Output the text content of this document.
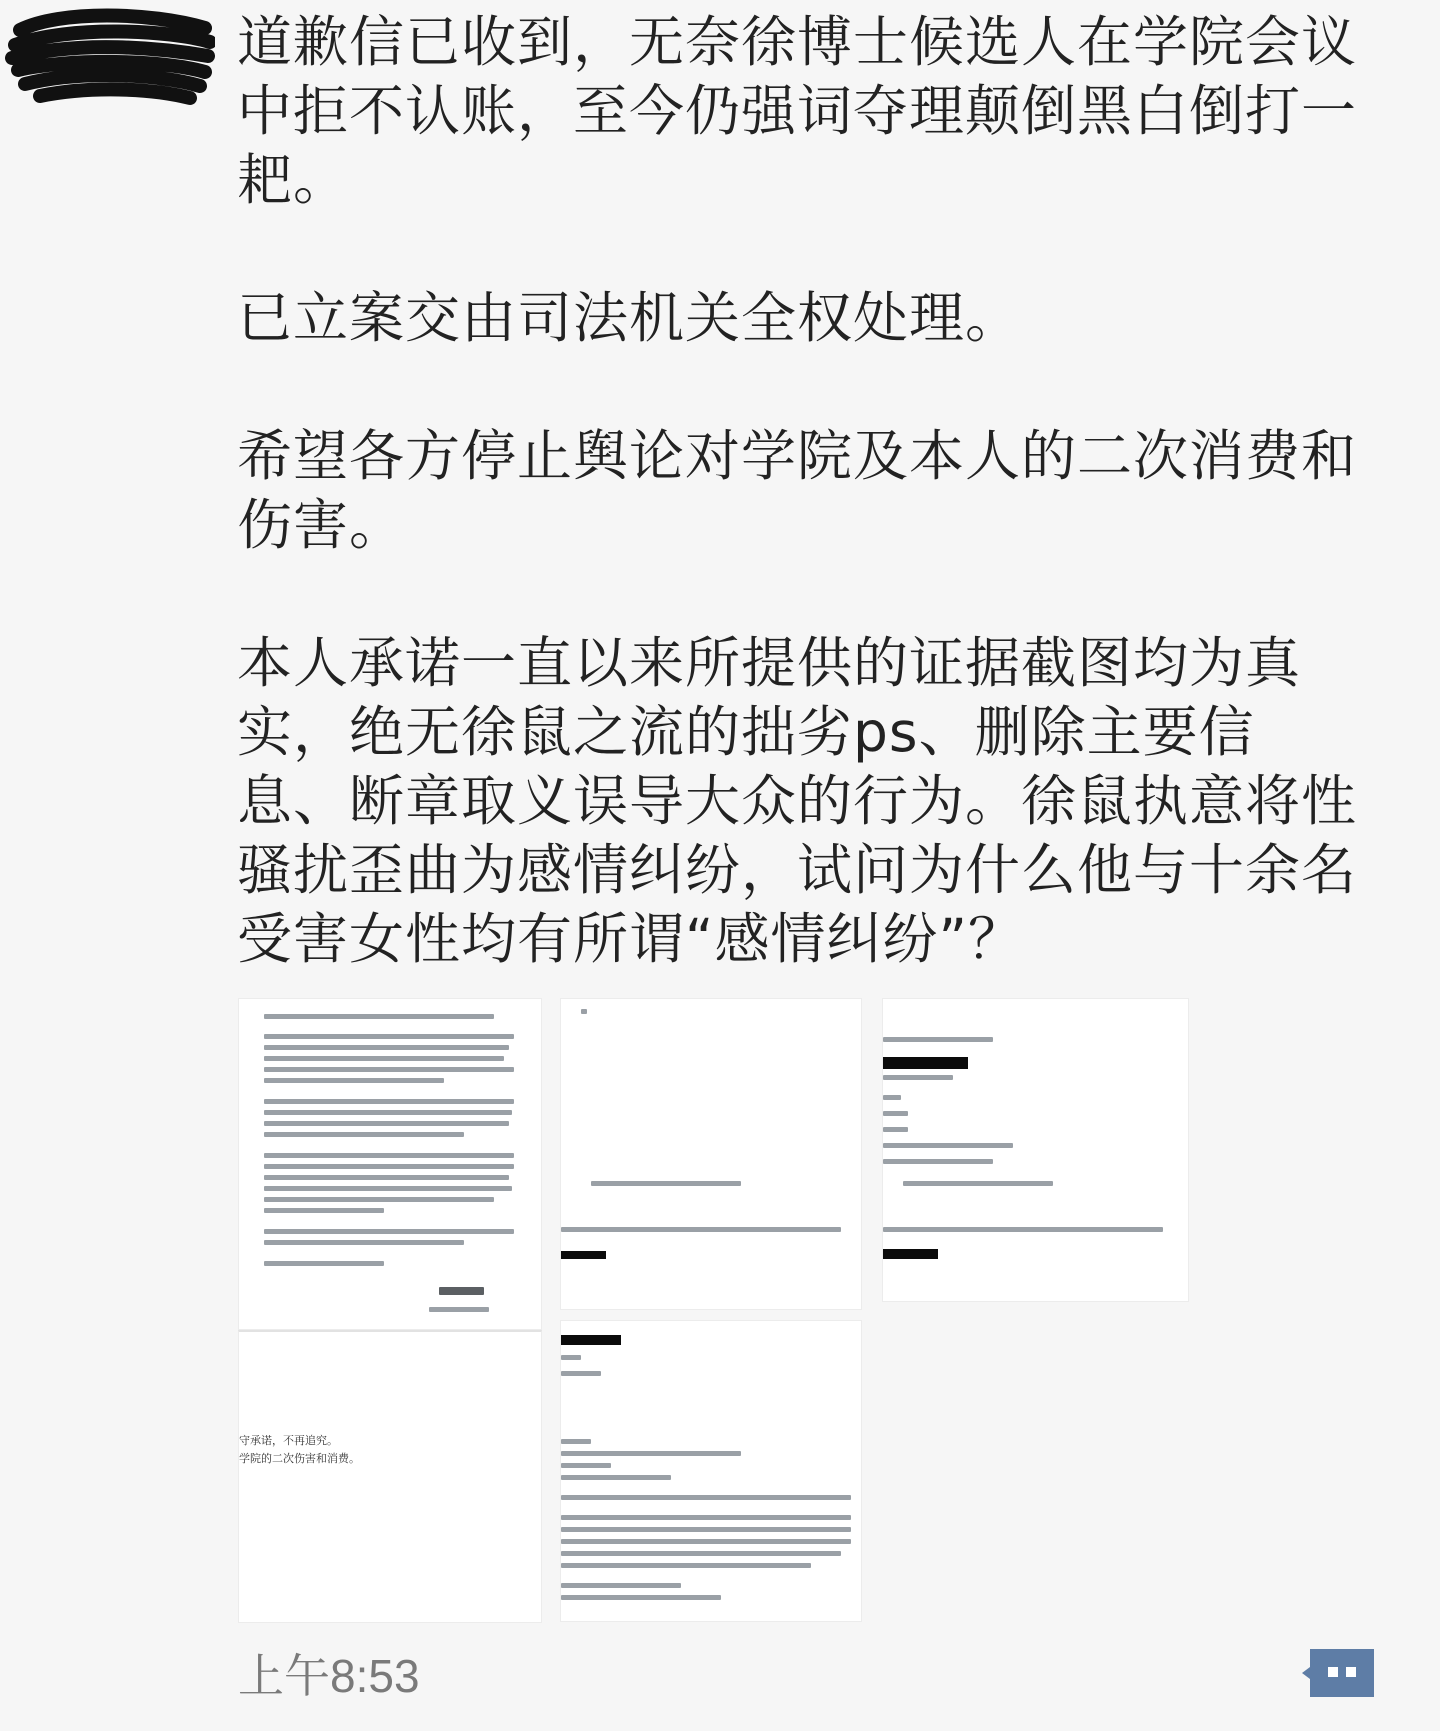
道歉信已收到，无奈徐博士候选人在学院会议中拒不认账，至今仍强词夺理颠倒黑白倒打一耙。

已立案交由司法机关全权处理。

希望各方停止舆论对学院及本人的二次消费和伤害。

本人承诺一直以来所提供的证据截图均为真实，绝无徐鼠之流的拙劣ps、删除主要信息、断章取义误导大众的行为。徐鼠执意将性骚扰歪曲为感情纠纷，试问为什么他与十余名受害女性均有所谓“感情纠纷”？

守承诺，不再追究。
学院的二次伤害和消费。
上午8:53
